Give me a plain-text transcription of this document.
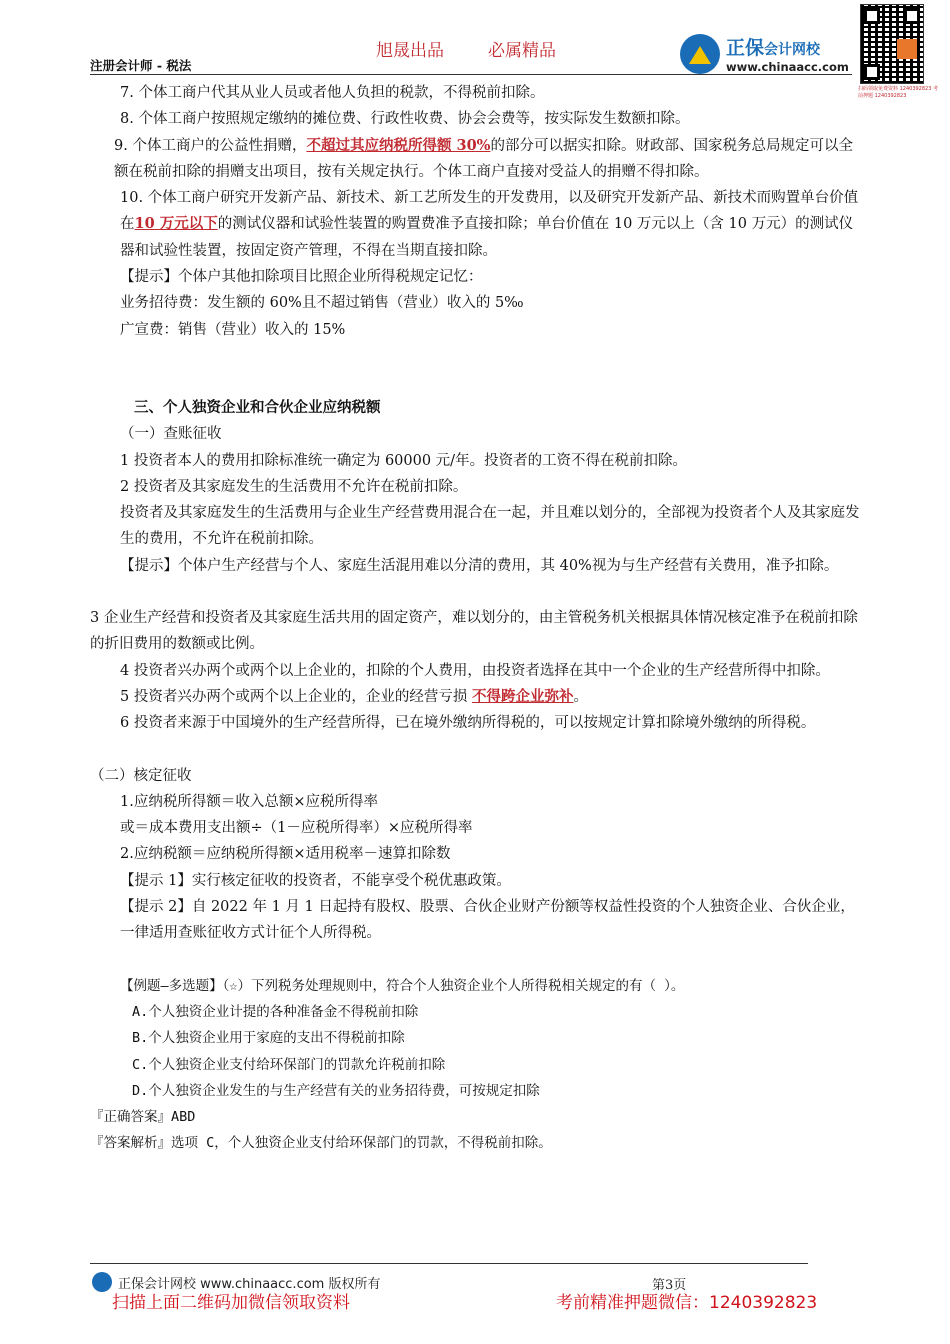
旭晟出品	必属精品
注册会计师 - 税法
正保会计网校
www.chinaacc.com
扫码领取免费资料 1240392823 考前押题 1240392823

7. 个体工商户代其从业人员或者他人负担的税款，不得税前扣除。

8. 个体工商户按照规定缴纳的摊位费、行政性收费、协会会费等，按实际发生数额扣除。

9. 个体工商户的公益性捐赠，不超过其应纳税所得额 30%的部分可以据实扣除。财政部、国家税务总局规定可以全额在税前扣除的捐赠支出项目，按有关规定执行。个体工商户直接对受益人的捐赠不得扣除。

10. 个体工商户研究开发新产品、新技术、新工艺所发生的开发费用，以及研究开发新产品、新技术而购置单台价值在10 万元以下的测试仪器和试验性装置的购置费准予直接扣除；单台价值在 10 万元以上（含 10 万元）的测试仪器和试验性装置，按固定资产管理，不得在当期直接扣除。

【提示】个体户其他扣除项目比照企业所得税规定记忆：

业务招待费：发生额的 60%且不超过销售（营业）收入的 5‰

广宣费：销售（营业）收入的 15%

三、个人独资企业和合伙企业应纳税额

（一）查账征收

1 投资者本人的费用扣除标准统一确定为 60000 元/年。投资者的工资不得在税前扣除。

2 投资者及其家庭发生的生活费用不允许在税前扣除。

投资者及其家庭发生的生活费用与企业生产经营费用混合在一起，并且难以划分的，全部视为投资者个人及其家庭发生的费用，不允许在税前扣除。

【提示】个体户生产经营与个人、家庭生活混用难以分清的费用，其 40%视为与生产经营有关费用，准予扣除。

3 企业生产经营和投资者及其家庭生活共用的固定资产，难以划分的，由主管税务机关根据具体情况核定准予在税前扣除的折旧费用的数额或比例。

4 投资者兴办两个或两个以上企业的，扣除的个人费用，由投资者选择在其中一个企业的生产经营所得中扣除。

5 投资者兴办两个或两个以上企业的，企业的经营亏损 不得跨企业弥补。

6 投资者来源于中国境外的生产经营所得，已在境外缴纳所得税的，可以按规定计算扣除境外缴纳的所得税。

（二）核定征收

1.应纳税所得额＝收入总额×应税所得率

或＝成本费用支出额÷（1－应税所得率）×应税所得率

2.应纳税额＝应纳税所得额×适用税率－速算扣除数

【提示 1】实行核定征收的投资者，不能享受个税优惠政策。

【提示 2】自 2022 年 1 月 1 日起持有股权、股票、合伙企业财产份额等权益性投资的个人独资企业、合伙企业，一律适用查账征收方式计征个人所得税。

【例题—多选题】（☆）下列税务处理规则中，符合个人独资企业个人所得税相关规定的有（ ）。

A.个人独资企业计提的各种准备金不得税前扣除

B.个人独资企业用于家庭的支出不得税前扣除

C.个人独资企业支付给环保部门的罚款允许税前扣除

D.个人独资企业发生的与生产经营有关的业务招待费，可按规定扣除

『正确答案』ABD

『答案解析』选项 C，个人独资企业支付给环保部门的罚款，不得税前扣除。

正保会计网校 www.chinaacc.com 版权所有	第3页
扫描上面二维码加微信领取资料	考前精准押题微信：1240392823
